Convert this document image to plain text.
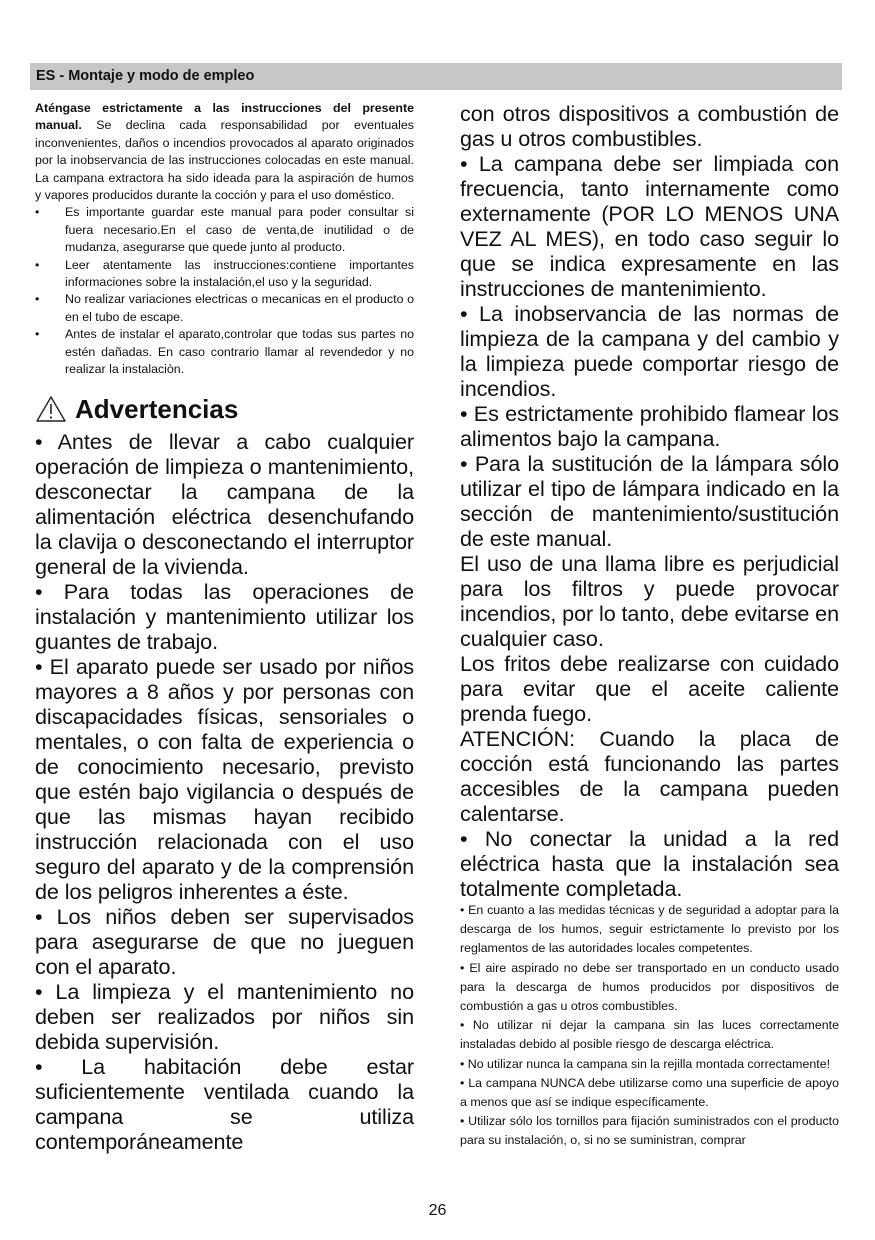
ES - Montaje y modo de empleo

Aténgase estrictamente a las instrucciones del presente manual. Se declina cada responsabilidad por eventuales inconvenientes, daños o incendios provocados al aparato originados por la inobservancia de las instrucciones colocadas en este manual. La campana extractora ha sido ideada para la aspiración de humos y vapores producidos durante la cocción y para el uso doméstico.

• Es importante guardar este manual para poder consultar si fuera necesario.En el caso de venta,de inutilidad o de mudanza, asegurarse que quede junto al producto.
• Leer atentamente las instrucciones:contiene importantes informaciones sobre la instalación,el uso y la seguridad.
• No realizar variaciones electricas o mecanicas en el producto o en el tubo de escape.
• Antes de instalar el aparato,controlar que todas sus partes no estén dañadas. En caso contrario llamar al revendedor y no realizar la instalaciòn.
Advertencias

• Antes de llevar a cabo cualquier operación de limpieza o mantenimiento, desconectar la campana de la alimentación eléctrica desenchufando la clavija o desconectando el interruptor general de la vivienda.

• Para todas las operaciones de instalación y mantenimiento utilizar los guantes de trabajo.

• El aparato puede ser usado por niños mayores a 8 años y por personas con discapacidades físicas, sensoriales o mentales, o con falta de experiencia o de conocimiento necesario, previsto que estén bajo vigilancia o después de que las mismas hayan recibido instrucción relacionada con el uso seguro del aparato y de la comprensión de los peligros inherentes a éste.

• Los niños deben ser supervisados para asegurarse de que no jueguen con el aparato.

• La limpieza y el mantenimiento no deben ser realizados por niños sin debida supervisión.

• La habitación debe estar suficientemente ventilada cuando la campana se utiliza contemporáneamente

con otros dispositivos a combustión de gas u otros combustibles.

• La campana debe ser limpiada con frecuencia, tanto internamente como externamente (POR LO MENOS UNA VEZ AL MES), en todo caso seguir lo que se indica expresamente en las instrucciones de mantenimiento.

• La inobservancia de las normas de limpieza de la campana y del cambio y la limpieza puede comportar riesgo de incendios.

• Es estrictamente prohibido flamear los alimentos bajo la campana.

• Para la sustitución de la lámpara sólo utilizar el tipo de lámpara indicado en la sección de mantenimiento/sustitución de este manual.

El uso de una llama libre es perjudicial para los filtros y puede provocar incendios, por lo tanto, debe evitarse en cualquier caso.

Los fritos debe realizarse con cuidado para evitar que el aceite caliente prenda fuego.

ATENCIÓN: Cuando la placa de cocción está funcionando las partes accesibles de la campana pueden calentarse.

• No conectar la unidad a la red eléctrica hasta que la instalación sea totalmente completada.

• En cuanto a las medidas técnicas y de seguridad a adoptar para la descarga de los humos, seguir estrictamente lo previsto por los reglamentos de las autoridades locales competentes.

• El aire aspirado no debe ser transportado en un conducto usado para la descarga de humos producidos por dispositivos de combustión a gas u otros combustibles.

• No utilizar ni dejar la campana sin las luces correctamente instaladas debido al posible riesgo de descarga eléctrica.

• No utilizar nunca la campana sin la rejilla montada correctamente!

• La campana NUNCA debe utilizarse como una superficie de apoyo a menos que así se indique específicamente.

• Utilizar sólo los tornillos para fijación suministrados con el producto para su instalación, o, si no se suministran, comprar

26
